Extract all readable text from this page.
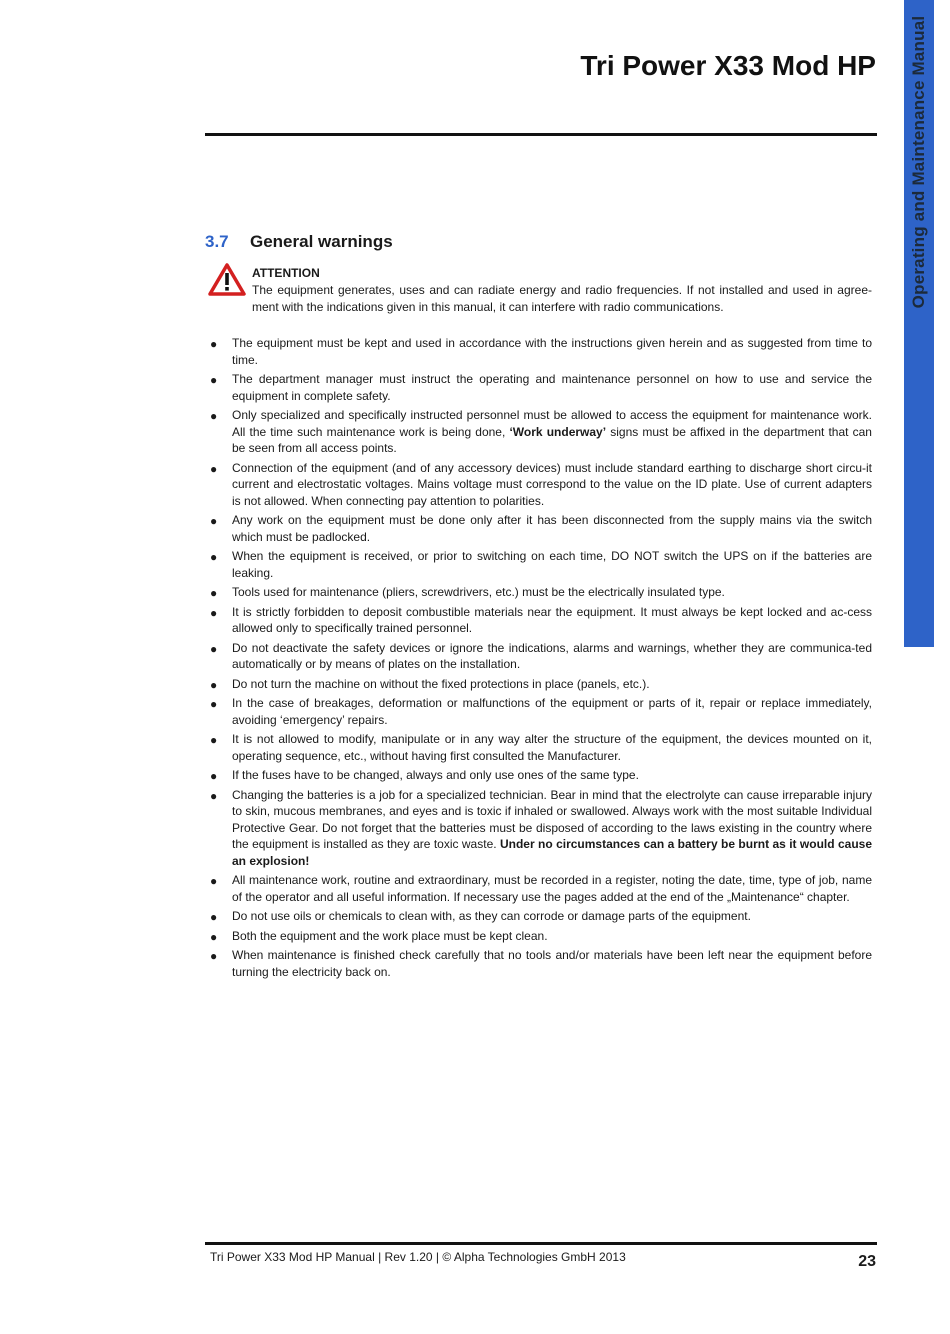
Operating and Maintenance Manual
Tri Power X33 Mod HP
3.7 General warnings
ATTENTION
The equipment generates, uses and can radiate energy and radio frequencies. If not installed and used in agree-ment with the indications given in this manual, it can interfere with radio communications.
● The equipment must be kept and used in accordance with the instructions given herein and as suggested from time to time.
● The department manager must instruct the operating and maintenance personnel on how to use and service the equipment in complete safety.
● Only specialized and specifically instructed personnel must be allowed to access the equipment for maintenance work. All the time such maintenance work is being done, ‘Work underway’ signs must be affixed in the department that can be seen from all access points.
● Connection of the equipment (and of any accessory devices) must include standard earthing to discharge short circu-it current and electrostatic voltages. Mains voltage must correspond to the value on the ID plate. Use of current adapters is not allowed. When connecting pay attention to polarities.
● Any work on the equipment must be done only after it has been disconnected from the supply mains via the switch which must be padlocked.
● When the equipment is received, or prior to switching on each time, DO NOT switch the UPS on if the batteries are leaking.
● Tools used for maintenance (pliers, screwdrivers, etc.) must be the electrically insulated type.
● It is strictly forbidden to deposit combustible materials near the equipment. It must always be kept locked and ac-cess allowed only to specifically trained personnel.
● Do not deactivate the safety devices or ignore the indications, alarms and warnings, whether they are communica-ted automatically or by means of plates on the installation.
● Do not turn the machine on without the fixed protections in place (panels, etc.).
● In the case of breakages, deformation or malfunctions of the equipment or parts of it, repair or replace immediately, avoiding ‘emergency’ repairs.
● It is not allowed to modify, manipulate or in any way alter the structure of the equipment, the devices mounted on it, operating sequence, etc., without having first consulted the Manufacturer.
● If the fuses have to be changed, always and only use ones of the same type.
● Changing the batteries is a job for a specialized technician. Bear in mind that the electrolyte can cause irreparable injury to skin, mucous membranes, and eyes and is toxic if inhaled or swallowed. Always work with the most suitable Individual Protective Gear. Do not forget that the batteries must be disposed of according to the laws existing in the country where the equipment is installed as they are toxic waste. Under no circumstances can a battery be burnt as it would cause an explosion!
● All maintenance work, routine and extraordinary, must be recorded in a register, noting the date, time, type of job, name of the operator and all useful information. If necessary use the pages added at the end of the „Maintenance“ chapter.
● Do not use oils or chemicals to clean with, as they can corrode or damage parts of the equipment.
● Both the equipment and the work place must be kept clean.
● When maintenance is finished check carefully that no tools and/or materials have been left near the equipment before turning the electricity back on.
Tri Power X33 Mod HP Manual | Rev 1.20 | © Alpha Technologies GmbH 2013	23
